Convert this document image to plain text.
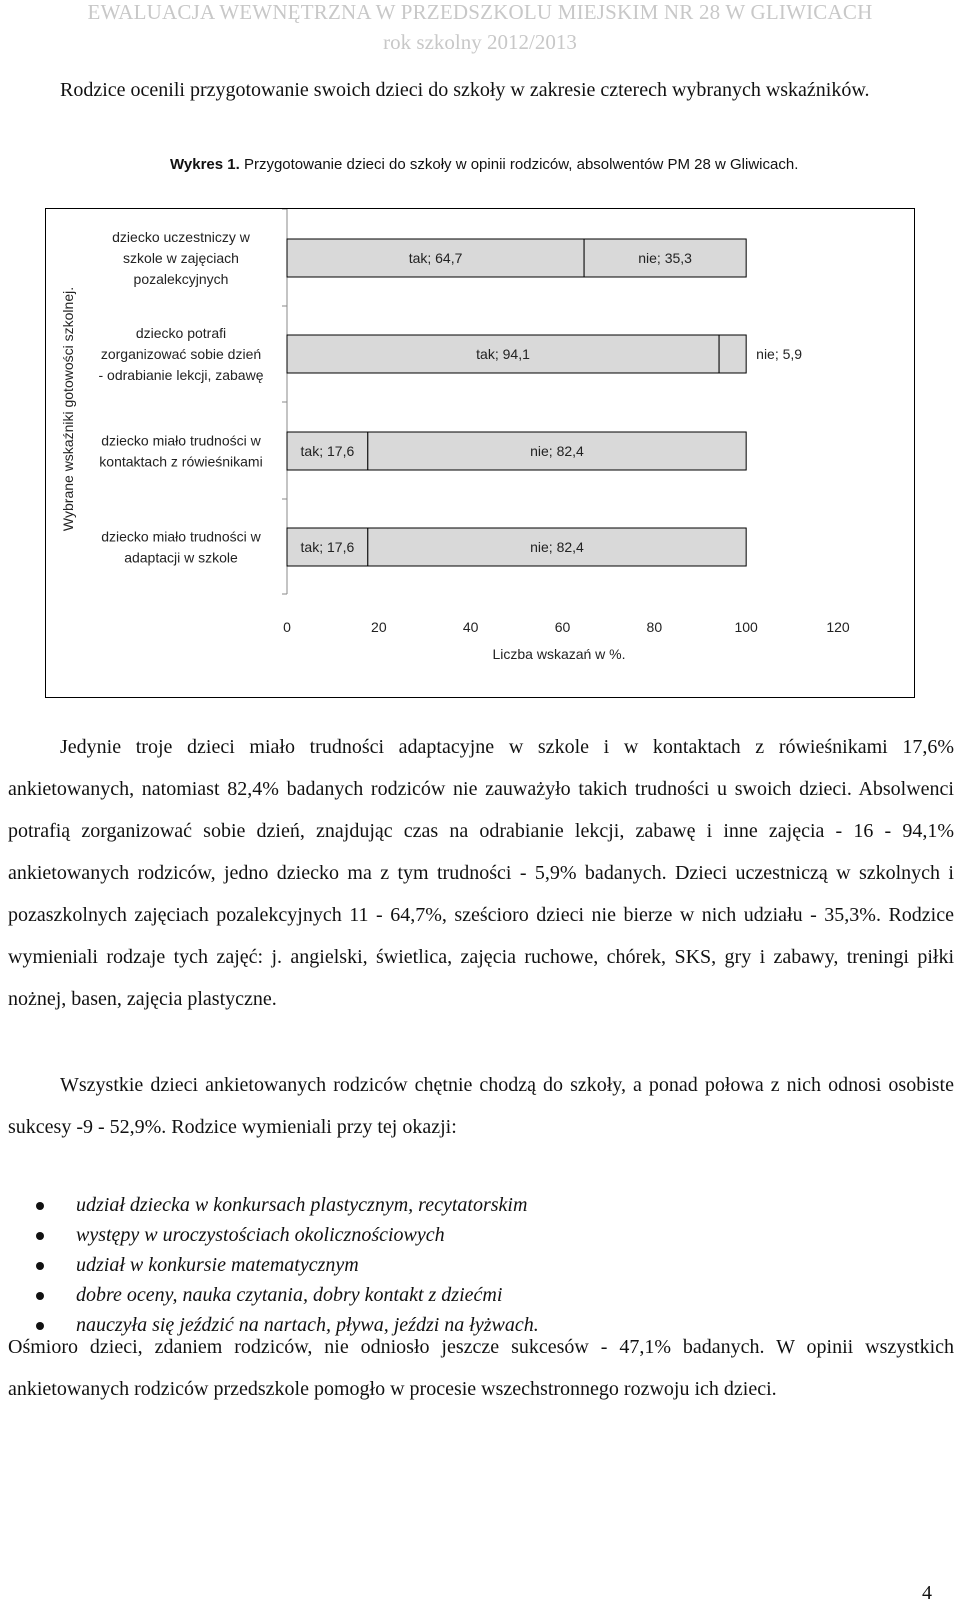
EWALUACJA WEWNĘTRZNA W PRZEDSZKOLU MIEJSKIM NR 28 W GLIWICACH
rok szkolny 2012/2013
Rodzice ocenili przygotowanie swoich dzieci do szkoły w zakresie czterech wybranych wskaźników.
Wykres 1. Przygotowanie dzieci do szkoły w opinii rodziców, absolwentów PM 28 w Gliwicach.
tak; 64,7	nie; 35,3
dziecko uczestniczy w
szkole w zajęciach
pozalekcyjnych
tak; 94,1	nie; 5,9
dziecko potrafi
zorganizować sobie dzień
- odrabianie lekcji, zabawę
tak; 17,6	nie; 82,4
dziecko miało trudności w
kontaktach z rówieśnikami
tak; 17,6	nie; 82,4
dziecko miało trudności w
adaptacji w szkole
0	20	40	60	80	100	120
Liczba wskazań w %.
Wybrane wskaźniki gotowości szkolnej.
Jedynie troje dzieci miało trudności adaptacyjne w szkole i w kontaktach z rówieśnikami 17,6% ankietowanych, natomiast 82,4% badanych rodziców nie zauważyło takich trudności u swoich dzieci. Absolwenci potrafią zorganizować sobie dzień, znajdując czas na odrabianie lekcji, zabawę i inne zajęcia - 16 - 94,1% ankietowanych rodziców, jedno dziecko ma z tym trudności - 5,9% badanych. Dzieci uczestniczą w szkolnych i pozaszkolnych zajęciach pozalekcyjnych 11 - 64,7%, sześcioro dzieci nie bierze w nich udziału - 35,3%. Rodzice wymieniali rodzaje tych zajęć: j. angielski, świetlica, zajęcia ruchowe, chórek, SKS, gry i zabawy, treningi piłki nożnej, basen, zajęcia plastyczne.
Wszystkie dzieci ankietowanych rodziców chętnie chodzą do szkoły, a ponad połowa z nich odnosi osobiste sukcesy -9 - 52,9%. Rodzice wymieniali przy tej okazji:
udział dziecka w konkursach plastycznym, recytatorskim
występy w uroczystościach okolicznościowych
udział w konkursie matematycznym
dobre oceny, nauka czytania, dobry kontakt z dziećmi
nauczyła się jeździć na nartach, pływa, jeździ na łyżwach.
Ośmioro dzieci, zdaniem rodziców, nie odniosło jeszcze sukcesów - 47,1% badanych. W opinii wszystkich ankietowanych rodziców przedszkole pomogło w procesie wszechstronnego rozwoju ich dzieci.
4
